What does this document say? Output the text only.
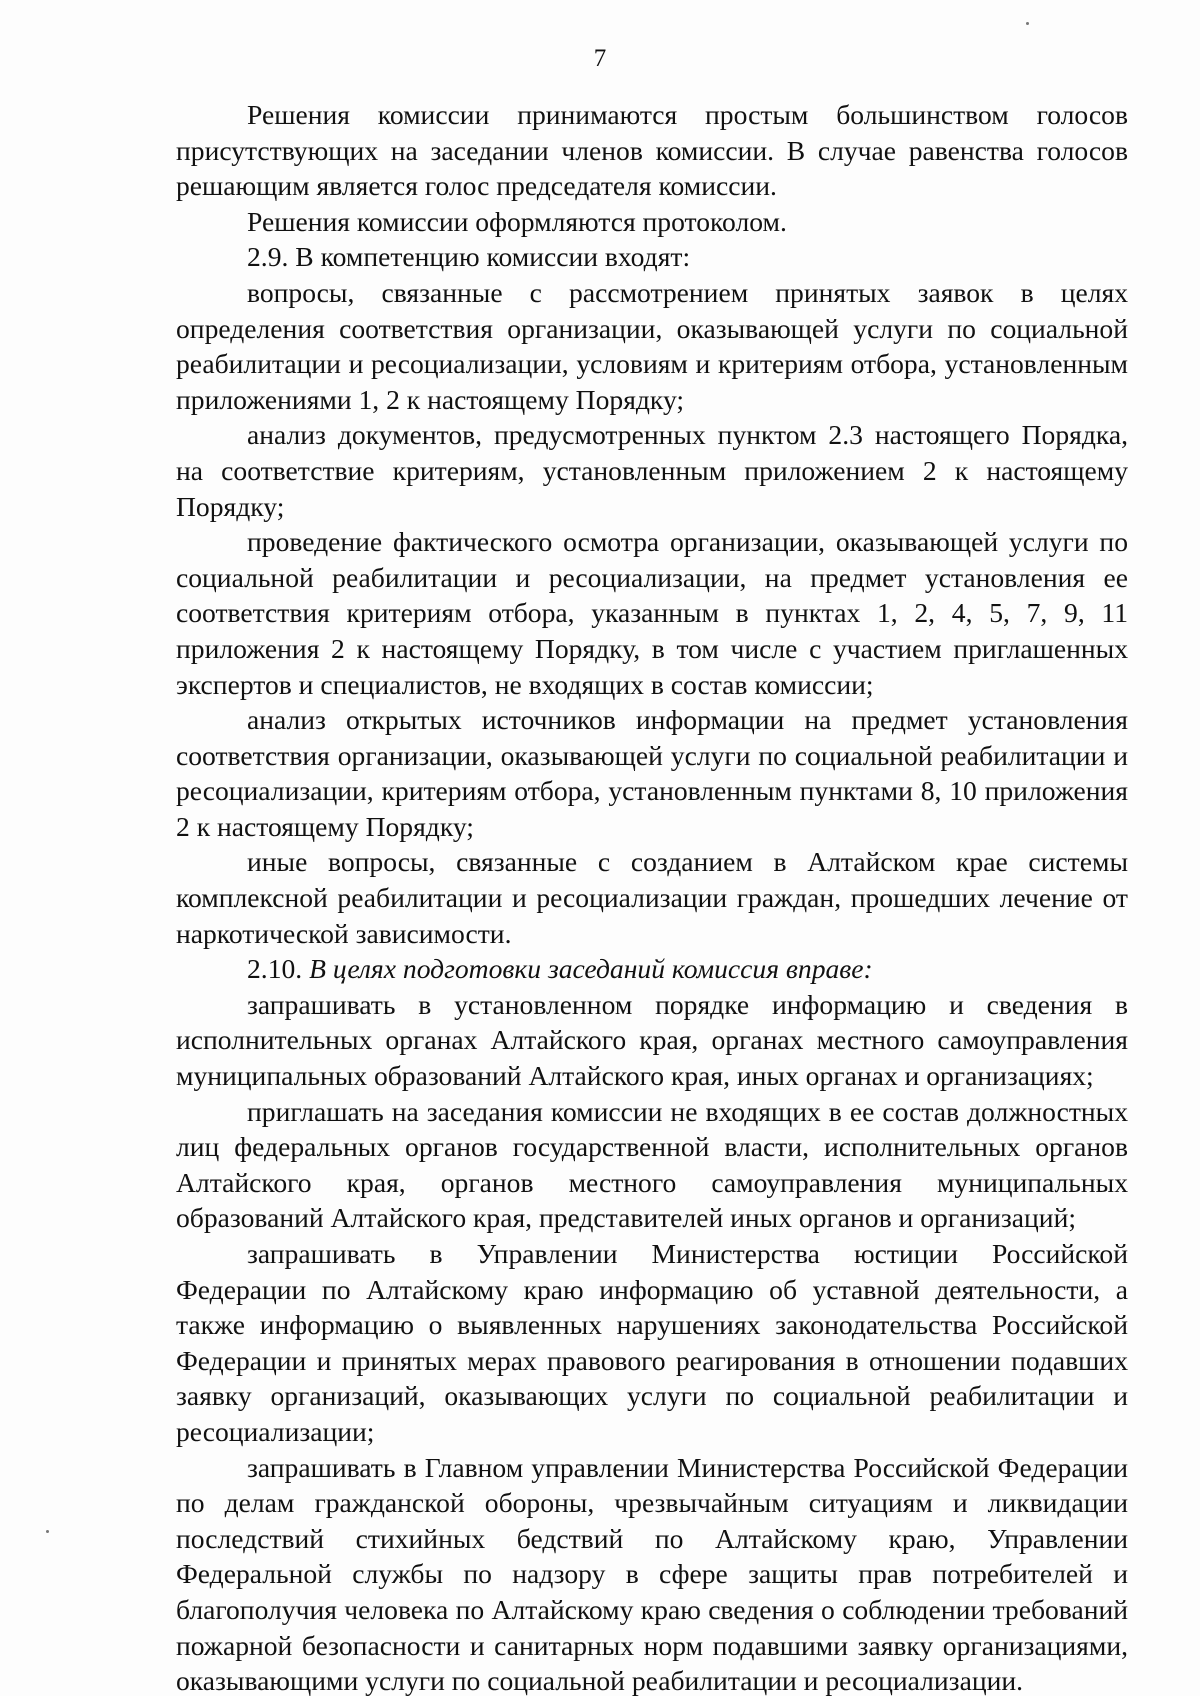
7

Решения комиссии принимаются простым большинством голосов присутствующих на заседании членов комиссии. В случае равенства голосов решающим является голос председателя комиссии.

Решения комиссии оформляются протоколом.

2.9. В компетенцию комиссии входят:

вопросы, связанные с рассмотрением принятых заявок в целях определения соответствия организации, оказывающей услуги по социальной реабилитации и ресоциализации, условиям и критериям отбора, установленным приложениями 1, 2 к настоящему Порядку;

анализ документов, предусмотренных пунктом 2.3 настоящего Порядка, на соответствие критериям, установленным приложением 2 к настоящему Порядку;

проведение фактического осмотра организации, оказывающей услуги по социальной реабилитации и ресоциализации, на предмет установления ее соответствия критериям отбора, указанным в пунктах 1, 2, 4, 5, 7, 9, 11 приложения 2 к настоящему Порядку, в том числе с участием приглашенных экспертов и специалистов, не входящих в состав комиссии;

анализ открытых источников информации на предмет установления соответствия организации, оказывающей услуги по социальной реабилитации и ресоциализации, критериям отбора, установленным пунктами 8, 10 приложения 2 к настоящему Порядку;

иные вопросы, связанные с созданием в Алтайском крае системы комплексной реабилитации и ресоциализации граждан, прошедших лечение от наркотической зависимости.

2.10. В целях подготовки заседаний комиссия вправе:

запрашивать в установленном порядке информацию и сведения в исполнительных органах Алтайского края, органах местного самоуправления муниципальных образований Алтайского края, иных органах и организациях;

приглашать на заседания комиссии не входящих в ее состав должностных лиц федеральных органов государственной власти, исполнительных органов Алтайского края, органов местного самоуправления муниципальных образований Алтайского края, представителей иных органов и организаций;

запрашивать в Управлении Министерства юстиции Российской Федерации по Алтайскому краю информацию об уставной деятельности, а также информацию о выявленных нарушениях законодательства Российской Федерации и принятых мерах правового реагирования в отношении подавших заявку организаций, оказывающих услуги по социальной реабилитации и ресоциализации;

запрашивать в Главном управлении Министерства Российской Федерации по делам гражданской обороны, чрезвычайным ситуациям и ликвидации последствий стихийных бедствий по Алтайскому краю, Управлении Федеральной службы по надзору в сфере защиты прав потребителей и благополучия человека по Алтайскому краю сведения о соблюдении требований пожарной безопасности и санитарных норм подавшими заявку организациями, оказывающими услуги по социальной реабилитации и ресоциализации.
